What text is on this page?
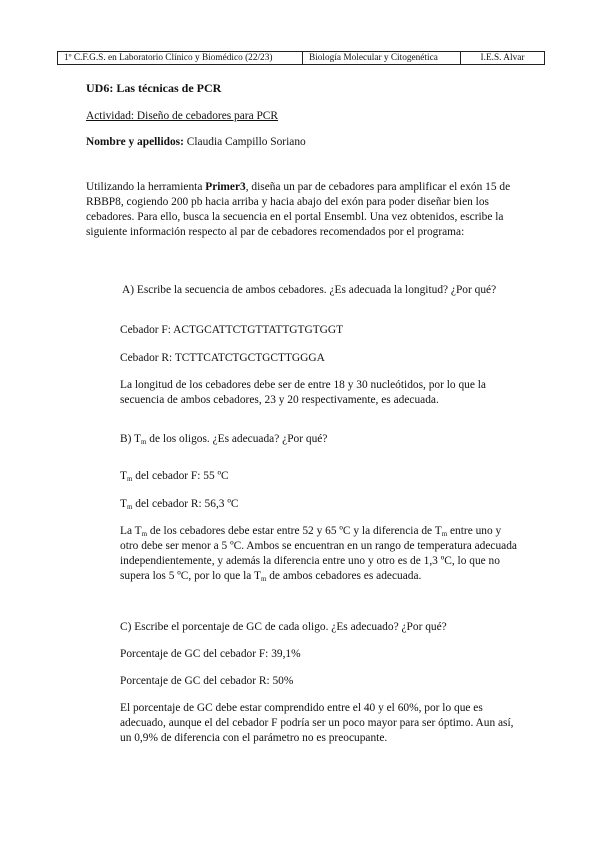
1º C.F.G.S. en Laboratorio Clínico y Biomédico (22/23)	Biología Molecular y Citogenética	I.E.S. Alvar
UD6: Las técnicas de PCR
Actividad: Diseño de cebadores para PCR
Nombre y apellidos: Claudia Campillo Soriano
Utilizando la herramienta Primer3, diseña un par de cebadores para amplificar el exón 15 de RBBP8, cogiendo 200 pb hacia arriba y hacia abajo del exón para poder diseñar bien los cebadores. Para ello, busca la secuencia en el portal Ensembl. Una vez obtenidos, escribe la siguiente información respecto al par de cebadores recomendados por el programa:
A) Escribe la secuencia de ambos cebadores. ¿Es adecuada la longitud? ¿Por qué?
Cebador F: ACTGCATTCTGTTATTGTGTGGT
Cebador R: TCTTCATCTGCTGCTTGGGA
La longitud de los cebadores debe ser de entre 18 y 30 nucleótidos, por lo que la secuencia de ambos cebadores, 23 y 20 respectivamente, es adecuada.
B) $T_m$ de los oligos. ¿Es adecuada? ¿Por qué?
$T_m$ del cebador F: 55 ºC
$T_m$ del cebador R: 56,3 ºC
La $T_m$ de los cebadores debe estar entre 52 y 65 ºC y la diferencia de $T_m$ entre uno y otro debe ser menor a 5 ºC. Ambos se encuentran en un rango de temperatura adecuada independientemente, y además la diferencia entre uno y otro es de 1,3 ºC, lo que no supera los 5 ºC, por lo que la $T_m$ de ambos cebadores es adecuada.
C) Escribe el porcentaje de GC de cada oligo. ¿Es adecuado? ¿Por qué?
Porcentaje de GC del cebador F: 39,1%
Porcentaje de GC del cebador R: 50%
El porcentaje de GC debe estar comprendido entre el 40 y el 60%, por lo que es adecuado, aunque el del cebador F podría ser un poco mayor para ser óptimo. Aun así, un 0,9% de diferencia con el parámetro no es preocupante.
